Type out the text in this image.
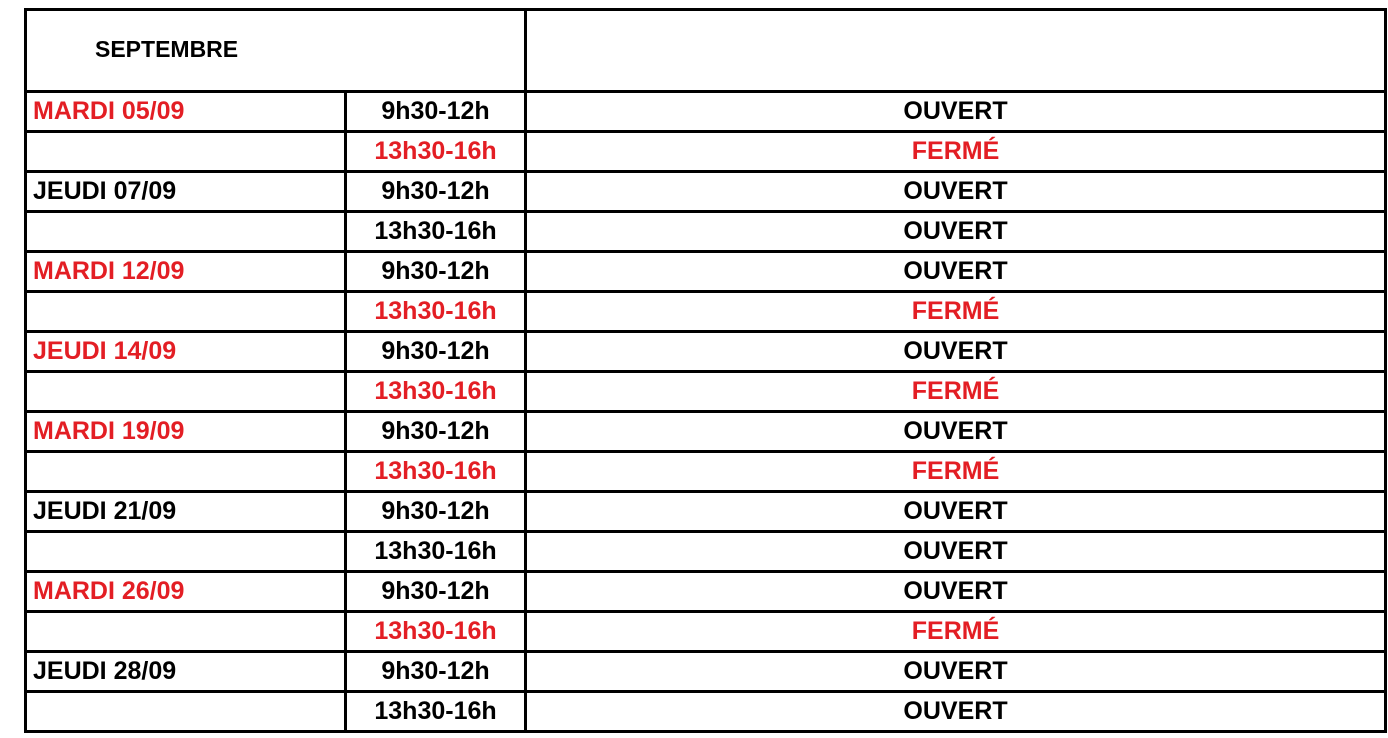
SEPTEMBRE		
MARDI 05/09	9h30-12h	OUVERT
	13h30-16h	FERMÉ
JEUDI 07/09	9h30-12h	OUVERT
	13h30-16h	OUVERT
MARDI 12/09	9h30-12h	OUVERT
	13h30-16h	FERMÉ
JEUDI 14/09	9h30-12h	OUVERT
	13h30-16h	FERMÉ
MARDI 19/09	9h30-12h	OUVERT
	13h30-16h	FERMÉ
JEUDI 21/09	9h30-12h	OUVERT
	13h30-16h	OUVERT
MARDI 26/09	9h30-12h	OUVERT
	13h30-16h	FERMÉ
JEUDI 28/09	9h30-12h	OUVERT
	13h30-16h	OUVERT
